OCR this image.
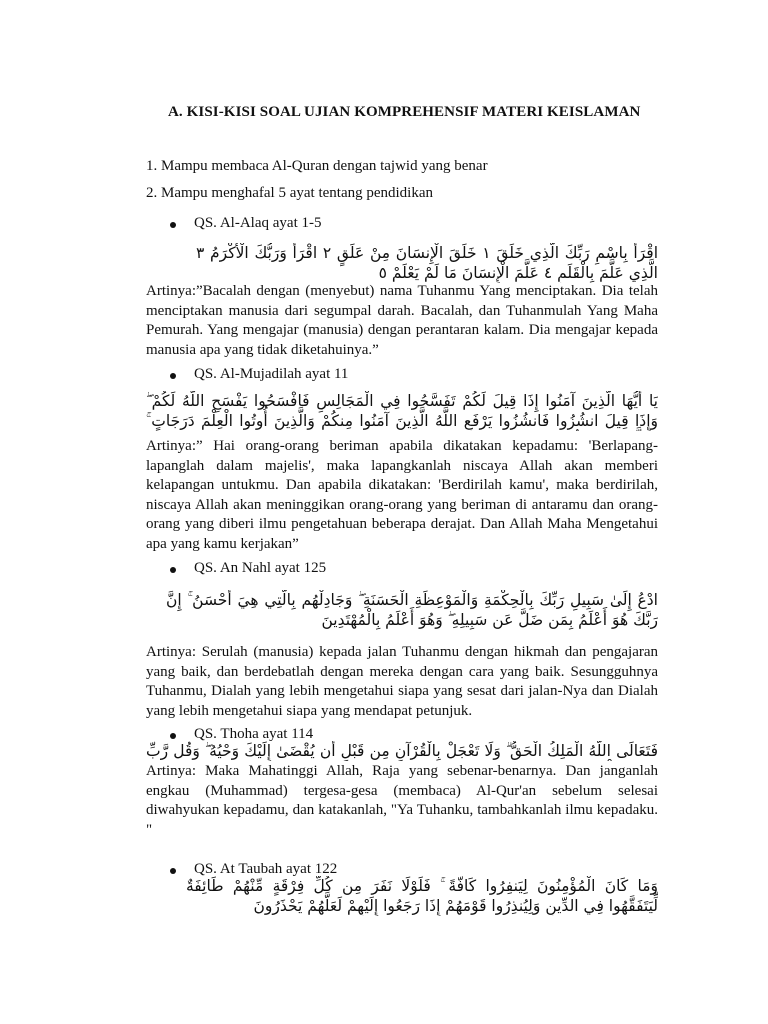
A. KISI-KISI SOAL UJIAN KOMPREHENSIF MATERI KEISLAMAN
1. Mampu membaca Al-Quran dengan tajwid yang benar
2. Mampu menghafal 5 ayat tentang pendidikan
QS. Al-Alaq ayat 1-5
اقْرَأْ بِاسْمِ رَبِّكَ الَّذِي خَلَقَ ١ خَلَقَ الْإِنسَانَ مِنْ عَلَقٍ ٢ اقْرَأْ وَرَبُّكَ الْأَكْرَمُ ٣ الَّذِي عَلَّمَ بِالْقَلَمِ ٤ عَلَّمَ الْإِنسَانَ مَا لَمْ يَعْلَمْ ٥
Artinya:”Bacalah dengan (menyebut) nama Tuhanmu Yang menciptakan. Dia telah menciptakan manusia dari segumpal darah. Bacalah, dan Tuhanmulah Yang Maha Pemurah. Yang mengajar (manusia) dengan perantaran kalam. Dia mengajar kepada manusia apa yang tidak diketahuinya.”
QS. Al-Mujadilah ayat 11
يَا أَيُّهَا الَّذِينَ آمَنُوا إِذَا قِيلَ لَكُمْ تَفَسَّحُوا فِي الْمَجَالِسِ فَافْسَحُوا يَفْسَحِ اللَّهُ لَكُمْ ۖ وَإِذَا قِيلَ انشُزُوا فَانشُزُوا يَرْفَعِ اللَّهُ الَّذِينَ آمَنُوا مِنكُمْ وَالَّذِينَ أُوتُوا الْعِلْمَ دَرَجَاتٍ ۚ
Artinya:” Hai orang-orang beriman apabila dikatakan kepadamu: 'Berlapang-lapanglah dalam majelis', maka lapangkanlah niscaya Allah akan memberi kelapangan untukmu. Dan apabila dikatakan: 'Berdirilah kamu', maka berdirilah, niscaya Allah akan meninggikan orang-orang yang beriman di antaramu dan orang-orang yang diberi ilmu pengetahuan beberapa derajat. Dan Allah Maha Mengetahui apa yang kamu kerjakan”
QS. An Nahl ayat 125
ادْعُ إِلَىٰ سَبِيلِ رَبِّكَ بِالْحِكْمَةِ وَالْمَوْعِظَةِ الْحَسَنَةِ ۖ وَجَادِلْهُم بِالَّتِي هِيَ أَحْسَنُ ۚ إِنَّ رَبَّكَ هُوَ أَعْلَمُ بِمَن ضَلَّ عَن سَبِيلِهِ ۖ وَهُوَ أَعْلَمُ بِالْمُهْتَدِينَ
Artinya: Serulah (manusia) kepada jalan Tuhanmu dengan hikmah dan pengajaran yang baik, dan berdebatlah dengan mereka dengan cara yang baik. Sesungguhnya Tuhanmu, Dialah yang lebih mengetahui siapa yang sesat dari jalan-Nya dan Dialah yang lebih mengetahui siapa yang mendapat petunjuk.
QS. Thoha ayat 114
فَتَعَالَى اللَّهُ الْمَلِكُ الْحَقُّ ۗ وَلَا تَعْجَلْ بِالْقُرْآنِ مِن قَبْلِ أَن يُقْضَىٰ إِلَيْكَ وَحْيُهُ ۖ وَقُل رَّبِّ
Artinya: Maka Mahatinggi Allah, Raja yang sebenar-benarnya. Dan janganlah engkau (Muhammad) tergesa-gesa (membaca) Al-Qur'an sebelum selesai diwahyukan kepadamu, dan katakanlah, "Ya Tuhanku, tambahkanlah ilmu kepadaku. "
QS. At Taubah ayat 122
وَمَا كَانَ الْمُؤْمِنُونَ لِيَنفِرُوا كَافَّةً ۚ فَلَوْلَا نَفَرَ مِن كُلِّ فِرْقَةٍ مِّنْهُمْ طَائِفَةٌ لِّيَتَفَقَّهُوا فِي الدِّينِ وَلِيُنذِرُوا قَوْمَهُمْ إِذَا رَجَعُوا إِلَيْهِمْ لَعَلَّهُمْ يَحْذَرُونَ
